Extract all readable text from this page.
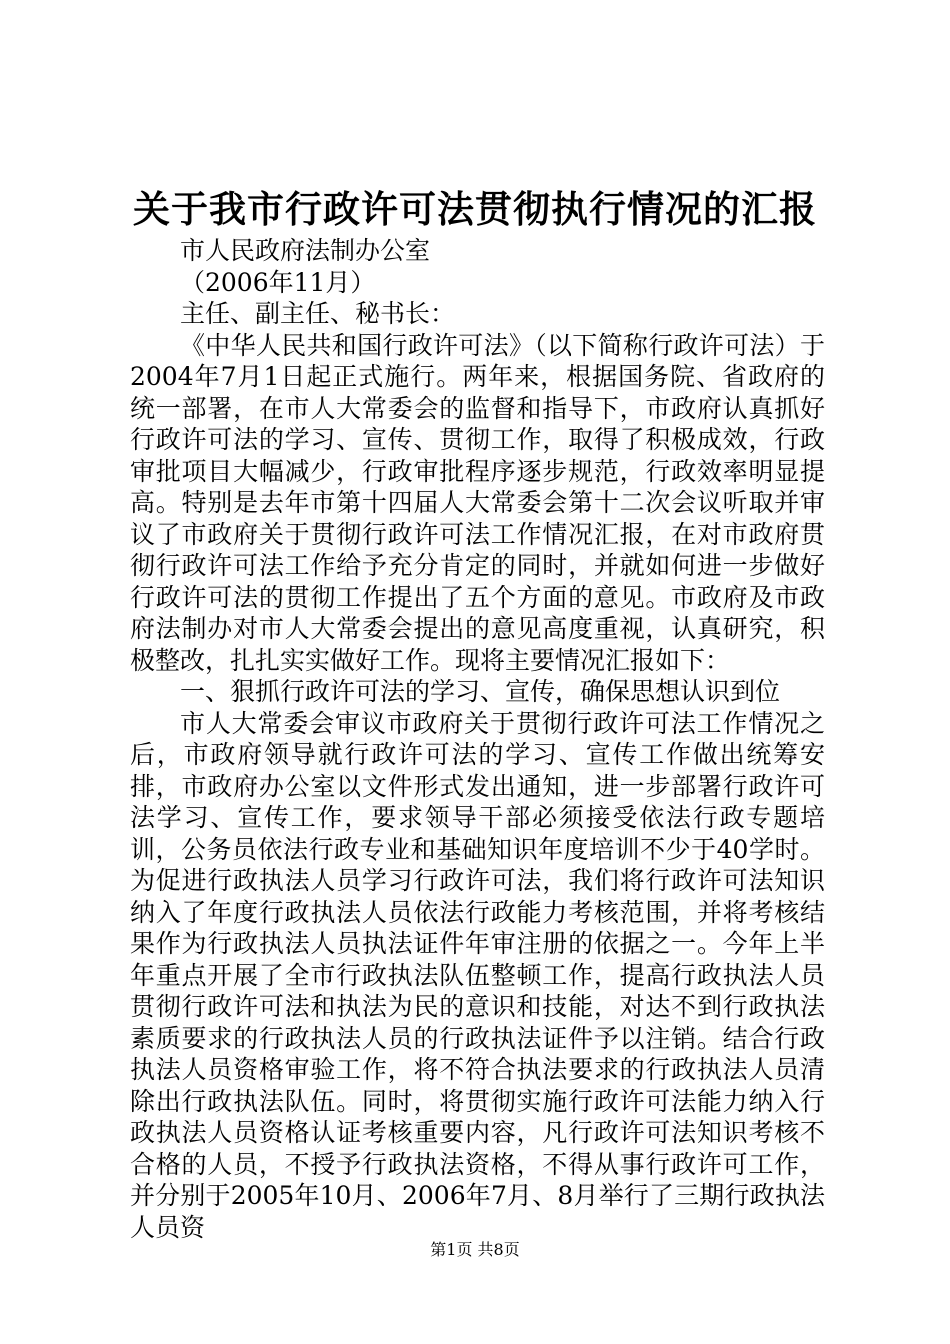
关于我市行政许可法贯彻执行情况的汇报

市人民政府法制办公室

（2006年11月）

主任、副主任、秘书长：

《中华人民共和国行政许可法》（以下简称行政许可法）于2004年7月1日起正式施行。两年来，根据国务院、省政府的统一部署，在市人大常委会的监督和指导下，市政府认真抓好行政许可法的学习、宣传、贯彻工作，取得了积极成效，行政审批项目大幅减少，行政审批程序逐步规范，行政效率明显提高。特别是去年市第十四届人大常委会第十二次会议听取并审议了市政府关于贯彻行政许可法工作情况汇报，在对市政府贯彻行政许可法工作给予充分肯定的同时，并就如何进一步做好行政许可法的贯彻工作提出了五个方面的意见。市政府及市政府法制办对市人大常委会提出的意见高度重视，认真研究，积极整改，扎扎实实做好工作。现将主要情况汇报如下：

一、狠抓行政许可法的学习、宣传，确保思想认识到位

市人大常委会审议市政府关于贯彻行政许可法工作情况之后，市政府领导就行政许可法的学习、宣传工作做出统筹安排，市政府办公室以文件形式发出通知，进一步部署行政许可法学习、宣传工作，要求领导干部必须接受依法行政专题培训，公务员依法行政专业和基础知识年度培训不少于40学时。为促进行政执法人员学习行政许可法，我们将行政许可法知识纳入了年度行政执法人员依法行政能力考核范围，并将考核结果作为行政执法人员执法证件年审注册的依据之一。今年上半年重点开展了全市行政执法队伍整顿工作，提高行政执法人员贯彻行政许可法和执法为民的意识和技能，对达不到行政执法素质要求的行政执法人员的行政执法证件予以注销。结合行政执法人员资格审验工作，将不符合执法要求的行政执法人员清除出行政执法队伍。同时，将贯彻实施行政许可法能力纳入行政执法人员资格认证考核重要内容，凡行政许可法知识考核不合格的人员，不授予行政执法资格，不得从事行政许可工作，并分别于2005年10月、2006年7月、8月举行了三期行政执法人员资

第1页 共8页
